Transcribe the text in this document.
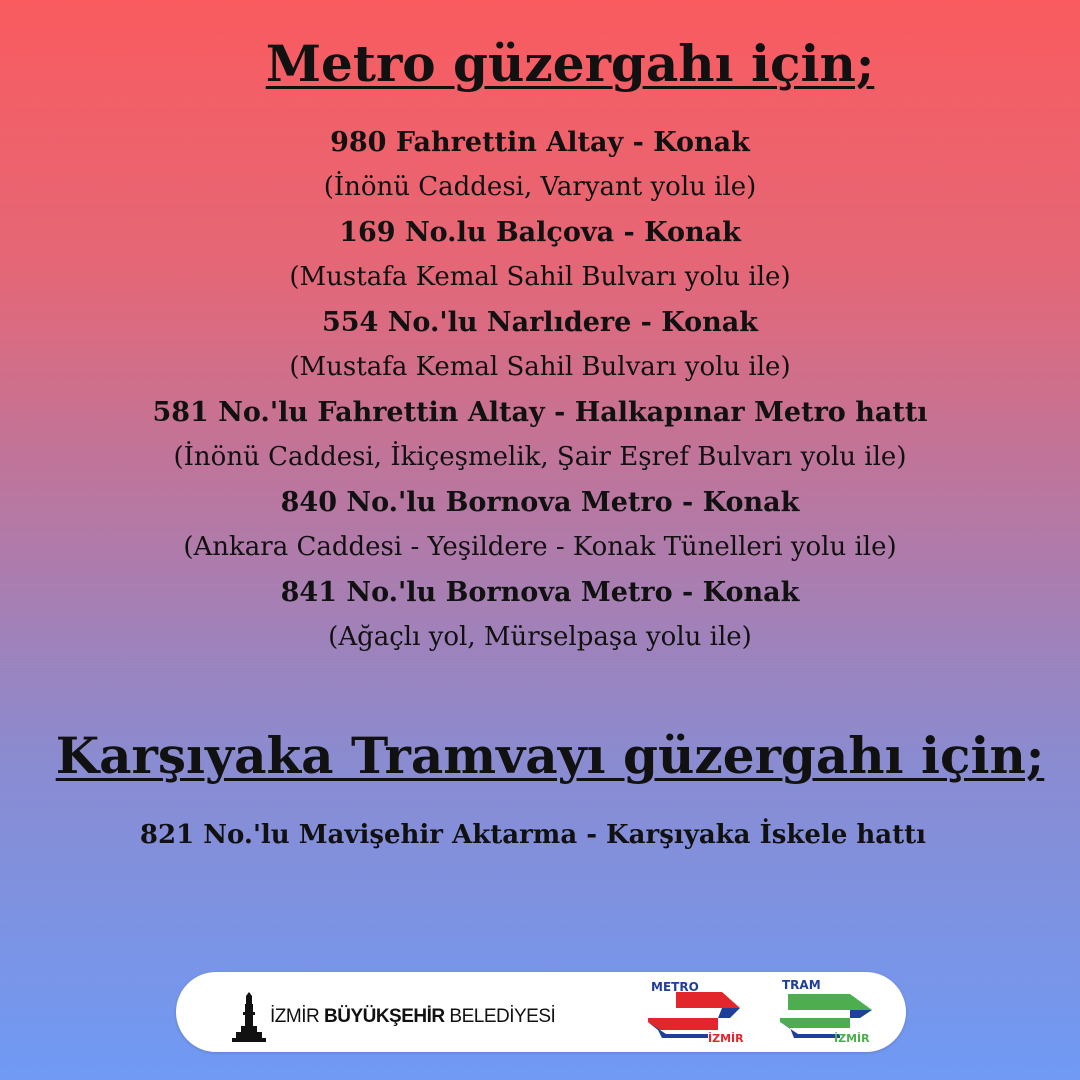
Metro güzergahı için;
980 Fahrettin Altay - Konak
(İnönü Caddesi, Varyant yolu ile)
169 No.lu Balçova - Konak
(Mustafa Kemal Sahil Bulvarı yolu ile)
554 No.'lu Narlıdere - Konak
(Mustafa Kemal Sahil Bulvarı yolu ile)
581 No.'lu Fahrettin Altay - Halkapınar Metro hattı
(İnönü Caddesi, İkiçeşmelik, Şair Eşref Bulvarı yolu ile)
840 No.'lu Bornova Metro - Konak
(Ankara Caddesi - Yeşildere - Konak Tünelleri yolu ile)
841 No.'lu Bornova Metro - Konak
(Ağaçlı yol, Mürselpaşa yolu ile)
Karşıyaka Tramvayı güzergahı için;
821 No.'lu Mavişehir Aktarma - Karşıyaka İskele hattı
İZMİR BÜYÜKŞEHİR BELEDİYESİ
METRO
İZMİR
TRAM
İZMİR
